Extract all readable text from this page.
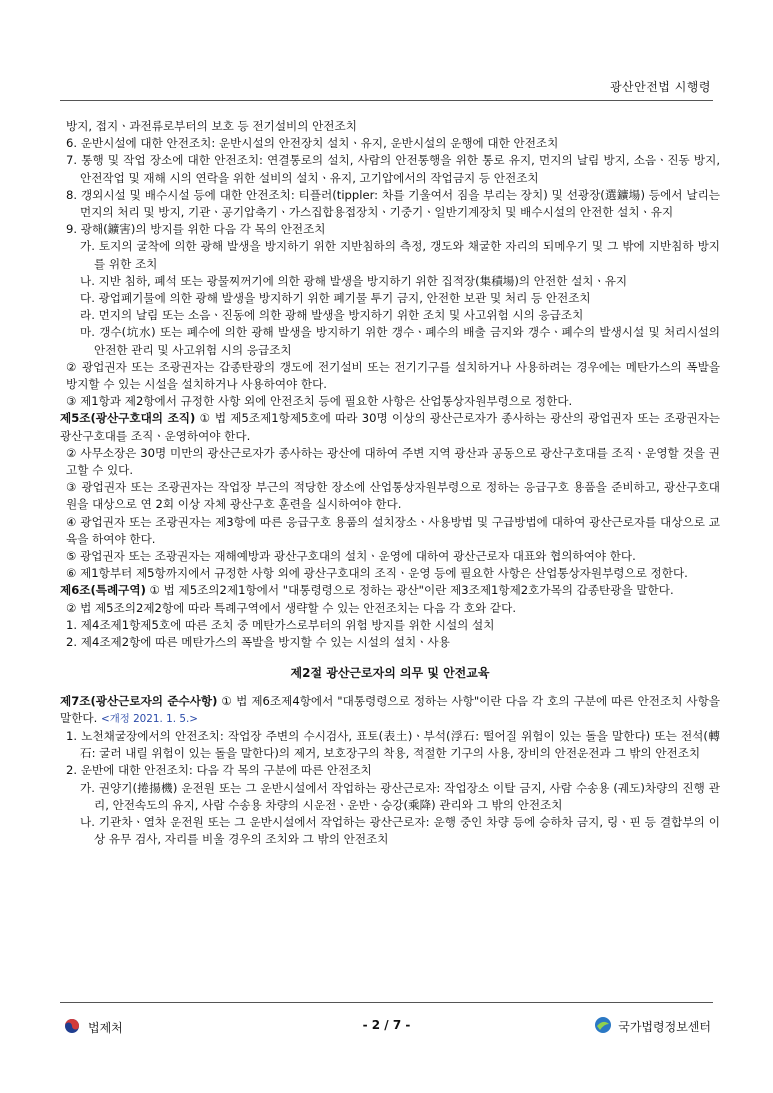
광산안전법 시행령

방지, 접지ㆍ과전류로부터의 보호 등 전기설비의 안전조치

6. 운반시설에 대한 안전조치: 운반시설의 안전장치 설치ㆍ유지, 운반시설의 운행에 대한 안전조치

7. 통행 및 작업 장소에 대한 안전조치: 연결통로의 설치, 사람의 안전통행을 위한 통로 유지, 먼지의 날림 방지, 소음ㆍ진동 방지, 안전작업 및 재해 시의 연락을 위한 설비의 설치ㆍ유지, 고기압에서의 작업금지 등 안전조치

8. 갱외시설 및 배수시설 등에 대한 안전조치: 티플러(tippler: 차를 기울여서 짐을 부리는 장치) 및 선광장(選鑛場) 등에서 날리는 먼지의 처리 및 방지, 기관ㆍ공기압축기ㆍ가스집합용접장치ㆍ기중기ㆍ일반기계장치 및 배수시설의 안전한 설치ㆍ유지

9. 광해(鑛害)의 방지를 위한 다음 각 목의 안전조치

가. 토지의 굴착에 의한 광해 발생을 방지하기 위한 지반침하의 측정, 갱도와 채굴한 자리의 되메우기 및 그 밖에 지반침하 방지를 위한 조치

나. 지반 침하, 폐석 또는 광물찌꺼기에 의한 광해 발생을 방지하기 위한 집적장(集積場)의 안전한 설치ㆍ유지

다. 광업폐기물에 의한 광해 발생을 방지하기 위한 폐기물 투기 금지, 안전한 보관 및 처리 등 안전조치

라. 먼지의 날림 또는 소음ㆍ진동에 의한 광해 발생을 방지하기 위한 조치 및 사고위험 시의 응급조치

마. 갱수(坑水) 또는 폐수에 의한 광해 발생을 방지하기 위한 갱수ㆍ폐수의 배출 금지와 갱수ㆍ폐수의 발생시설 및 처리시설의 안전한 관리 및 사고위험 시의 응급조치

② 광업권자 또는 조광권자는 갑종탄광의 갱도에 전기설비 또는 전기기구를 설치하거나 사용하려는 경우에는 메탄가스의 폭발을 방지할 수 있는 시설을 설치하거나 사용하여야 한다.

③ 제1항과 제2항에서 규정한 사항 외에 안전조치 등에 필요한 사항은 산업통상자원부령으로 정한다.

제5조(광산구호대의 조직) ① 법 제5조제1항제5호에 따라 30명 이상의 광산근로자가 종사하는 광산의 광업권자 또는 조광권자는 광산구호대를 조직ㆍ운영하여야 한다.

② 사무소장은 30명 미만의 광산근로자가 종사하는 광산에 대하여 주변 지역 광산과 공동으로 광산구호대를 조직ㆍ운영할 것을 권고할 수 있다.

③ 광업권자 또는 조광권자는 작업장 부근의 적당한 장소에 산업통상자원부령으로 정하는 응급구호 용품을 준비하고, 광산구호대원을 대상으로 연 2회 이상 자체 광산구호 훈련을 실시하여야 한다.

④ 광업권자 또는 조광권자는 제3항에 따른 응급구호 용품의 설치장소ㆍ사용방법 및 구급방법에 대하여 광산근로자를 대상으로 교육을 하여야 한다.

⑤ 광업권자 또는 조광권자는 재해예방과 광산구호대의 설치ㆍ운영에 대하여 광산근로자 대표와 협의하여야 한다.

⑥ 제1항부터 제5항까지에서 규정한 사항 외에 광산구호대의 조직ㆍ운영 등에 필요한 사항은 산업통상자원부령으로 정한다.

제6조(특례구역) ① 법 제5조의2제1항에서 "대통령령으로 정하는 광산"이란 제3조제1항제2호가목의 갑종탄광을 말한다.

② 법 제5조의2제2항에 따라 특례구역에서 생략할 수 있는 안전조치는 다음 각 호와 같다.

1. 제4조제1항제5호에 따른 조치 중 메탄가스로부터의 위험 방지를 위한 시설의 설치

2. 제4조제2항에 따른 메탄가스의 폭발을 방지할 수 있는 시설의 설치ㆍ사용

제2절 광산근로자의 의무 및 안전교육

제7조(광산근로자의 준수사항) ① 법 제6조제4항에서 "대통령령으로 정하는 사항"이란 다음 각 호의 구분에 따른 안전조치 사항을 말한다. <개정 2021. 1. 5.>

1. 노천채굴장에서의 안전조치: 작업장 주변의 수시검사, 표토(表土)ㆍ부석(浮石: 떨어질 위험이 있는 돌을 말한다) 또는 전석(轉石: 굴러 내릴 위험이 있는 돌을 말한다)의 제거, 보호장구의 착용, 적절한 기구의 사용, 장비의 안전운전과 그 밖의 안전조치

2. 운반에 대한 안전조치: 다음 각 목의 구분에 따른 안전조치

가. 권양기(捲揚機) 운전원 또는 그 운반시설에서 작업하는 광산근로자: 작업장소 이탈 금지, 사람 수송용 (궤도)차량의 진행 관리, 안전속도의 유지, 사람 수송용 차량의 시운전ㆍ운반ㆍ승강(乘降) 관리와 그 밖의 안전조치

나. 기관차ㆍ열차 운전원 또는 그 운반시설에서 작업하는 광산근로자: 운행 중인 차량 등에 승하차 금지, 링ㆍ핀 등 결합부의 이상 유무 검사, 자리를 비울 경우의 조치와 그 밖의 안전조치

법제처	- 2 / 7 -	국가법령정보센터
